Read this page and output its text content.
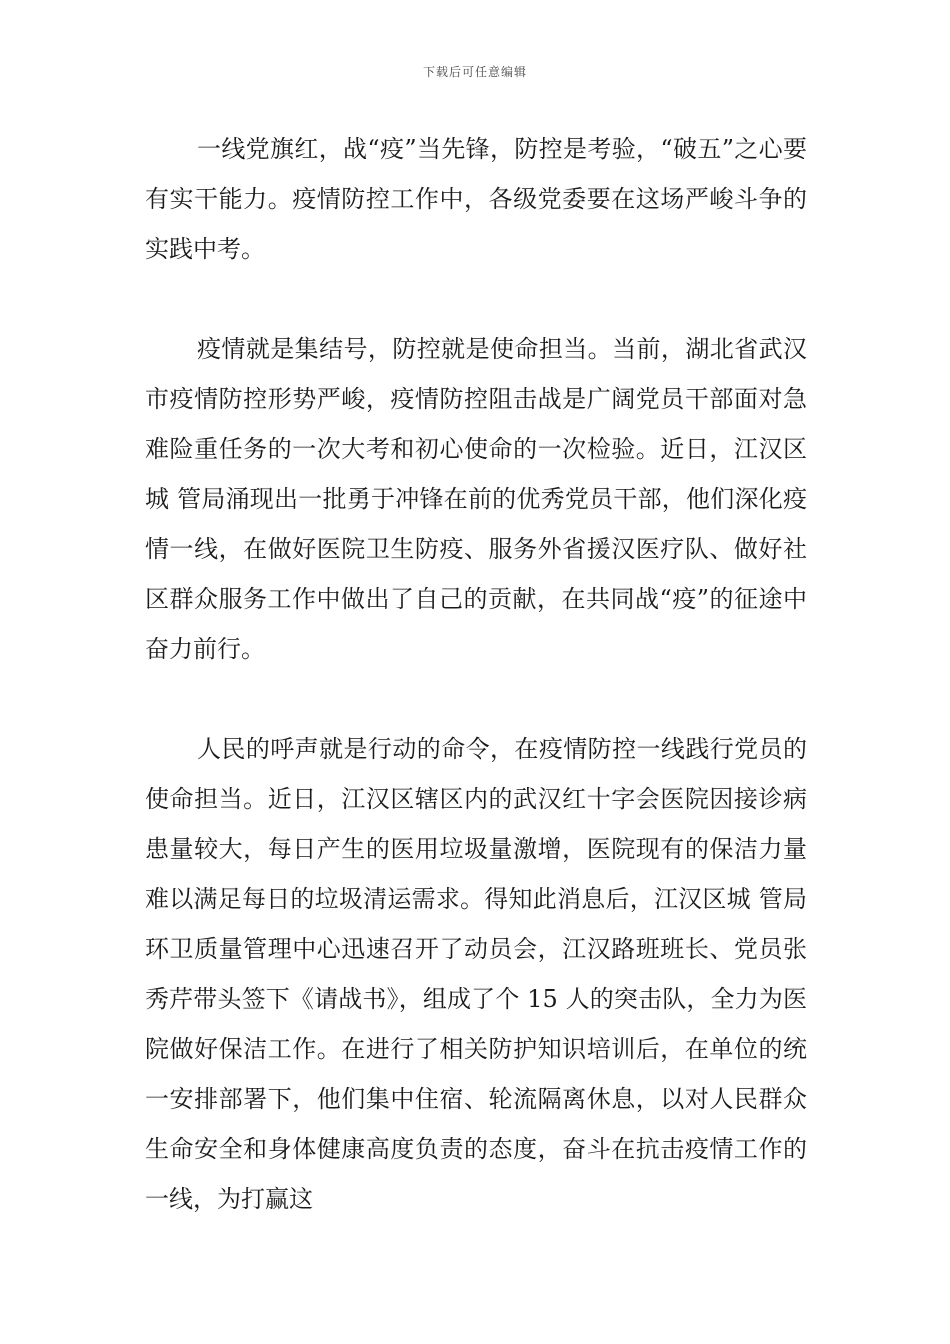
下载后可任意编辑

一线党旗红，战“疫”当先锋，防控是考验，“破五”之心要有实干能力。疫情防控工作中，各级党委要在这场严峻斗争的实践中考。

疫情就是集结号，防控就是使命担当。当前，湖北省武汉市疫情防控形势严峻，疫情防控阻击战是广阔党员干部面对急难险重任务的一次大考和初心使命的一次检验。近日，江汉区城 管局涌现出一批勇于冲锋在前的优秀党员干部，他们深化疫情一线，在做好医院卫生防疫、服务外省援汉医疗队、做好社区群众服务工作中做出了自己的贡献，在共同战“疫”的征途中奋力前行。

人民的呼声就是行动的命令，在疫情防控一线践行党员的使命担当。近日，江汉区辖区内的武汉红十字会医院因接诊病患量较大，每日产生的医用垃圾量激增，医院现有的保洁力量难以满足每日的垃圾清运需求。得知此消息后，江汉区城 管局环卫质量管理中心迅速召开了动员会，江汉路班班长、党员张秀芹带头签下《请战书》，组成了个 15 人的突击队，全力为医院做好保洁工作。在进行了相关防护知识培训后，在单位的统一安排部署下，他们集中住宿、轮流隔离休息，以对人民群众生命安全和身体健康高度负责的态度，奋斗在抗击疫情工作的一线，为打赢这
